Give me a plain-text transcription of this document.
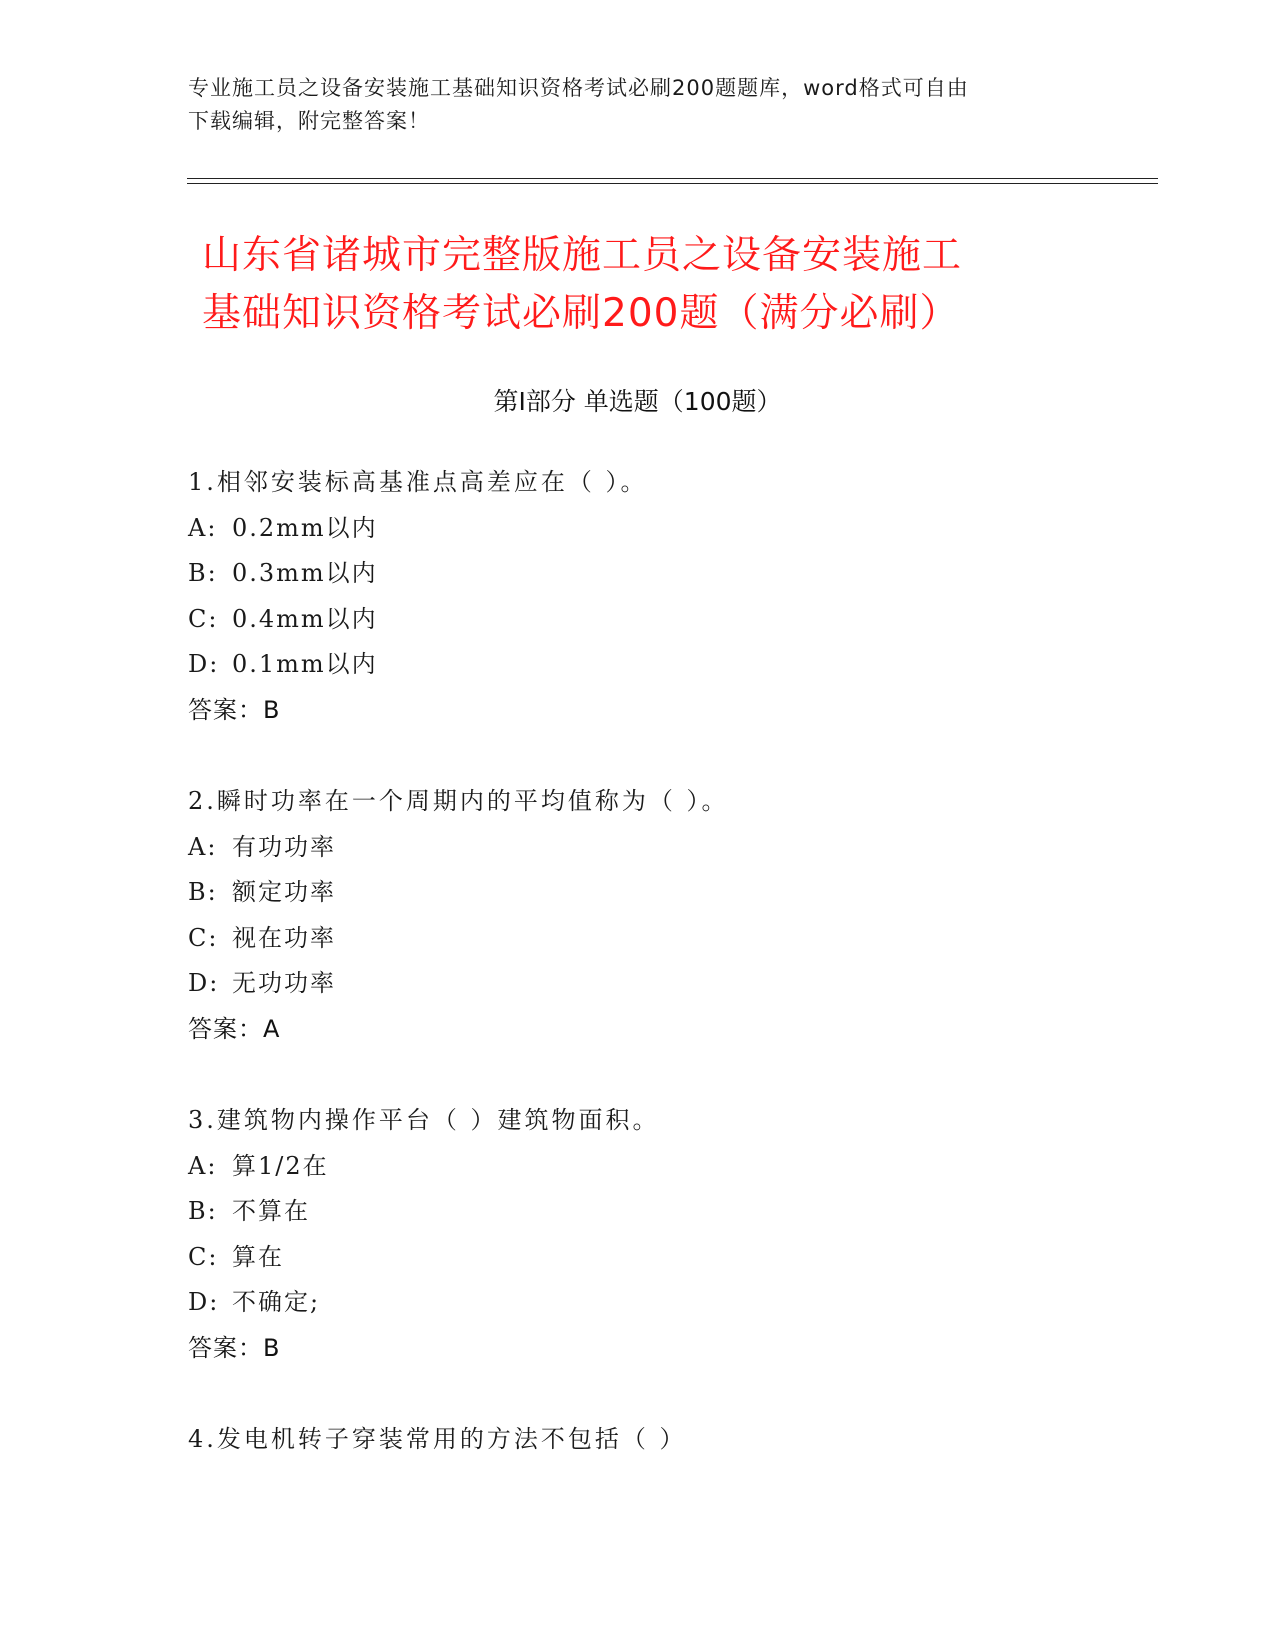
专业施工员之设备安装施工基础知识资格考试必刷200题题库，word格式可自由
下载编辑，附完整答案！
山东省诸城市完整版施工员之设备安装施工
基础知识资格考试必刷200题（满分必刷）
第Ⅰ部分 单选题（100题）
1.相邻安装标高基准点高差应在（ ）。
A: 0.2mm以内
B: 0.3mm以内
C: 0.4mm以内
D: 0.1mm以内
答案：B
2.瞬时功率在一个周期内的平均值称为（ ）。
A: 有功功率
B: 额定功率
C: 视在功率
D: 无功功率
答案：A
3.建筑物内操作平台（ ）建筑物面积。
A: 算1/2在
B: 不算在
C: 算在
D: 不确定;
答案：B
4.发电机转子穿装常用的方法不包括（ ）
